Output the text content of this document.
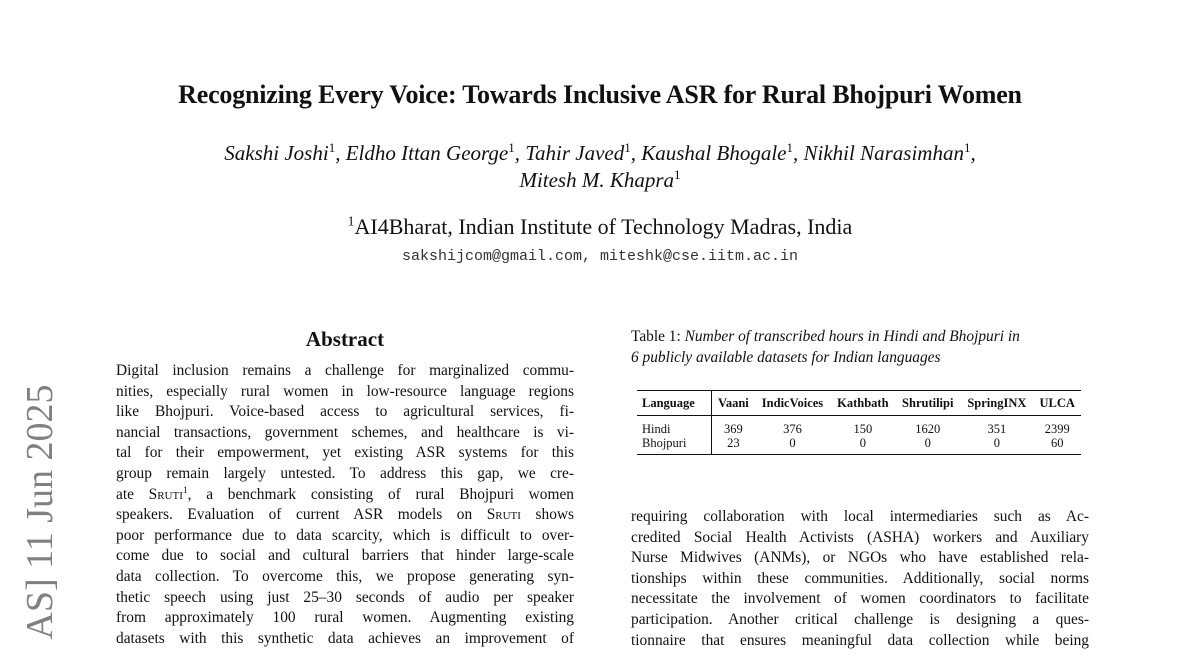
Recognizing Every Voice: Towards Inclusive ASR for Rural Bhojpuri Women
Sakshi Joshi$^1$, Eldho Ittan George$^1$, Tahir Javed$^1$, Kaushal Bhogale$^1$, Nikhil Narasimhan$^1$,
Mitesh M. Khapra$^1$
$^1$AI4Bharat, Indian Institute of Technology Madras, India
sakshijcom@gmail.com, miteshk@cse.iitm.ac.in
AS] 11 Jun 2025
Abstract
Digital inclusion remains a challenge for marginalized commu-
nities, especially rural women in low-resource language regions
like Bhojpuri. Voice-based access to agricultural services, fi-
nancial transactions, government schemes, and healthcare is vi-
tal for their empowerment, yet existing ASR systems for this
group remain largely untested. To address this gap, we cre-
ate Sruti$^1$, a benchmark consisting of rural Bhojpuri women
speakers. Evaluation of current ASR models on Sruti shows
poor performance due to data scarcity, which is difficult to over-
come due to social and cultural barriers that hinder large-scale
data collection. To overcome this, we propose generating syn-
thetic speech using just 25–30 seconds of audio per speaker
from approximately 100 rural women. Augmenting existing
datasets with this synthetic data achieves an improvement of
Table 1: Number of transcribed hours in Hindi and Bhojpuri in
6 publicly available datasets for Indian languages
Language	Vaani	IndicVoices	Kathbath	Shrutilipi	SpringINX	ULCA
Hindi	369	376	150	1620	351	2399
Bhojpuri	23	0	0	0	0	60
requiring collaboration with local intermediaries such as Ac-
credited Social Health Activists (ASHA) workers and Auxiliary
Nurse Midwives (ANMs), or NGOs who have established rela-
tionships within these communities. Additionally, social norms
necessitate the involvement of women coordinators to facilitate
participation. Another critical challenge is designing a ques-
tionnaire that ensures meaningful data collection while being
